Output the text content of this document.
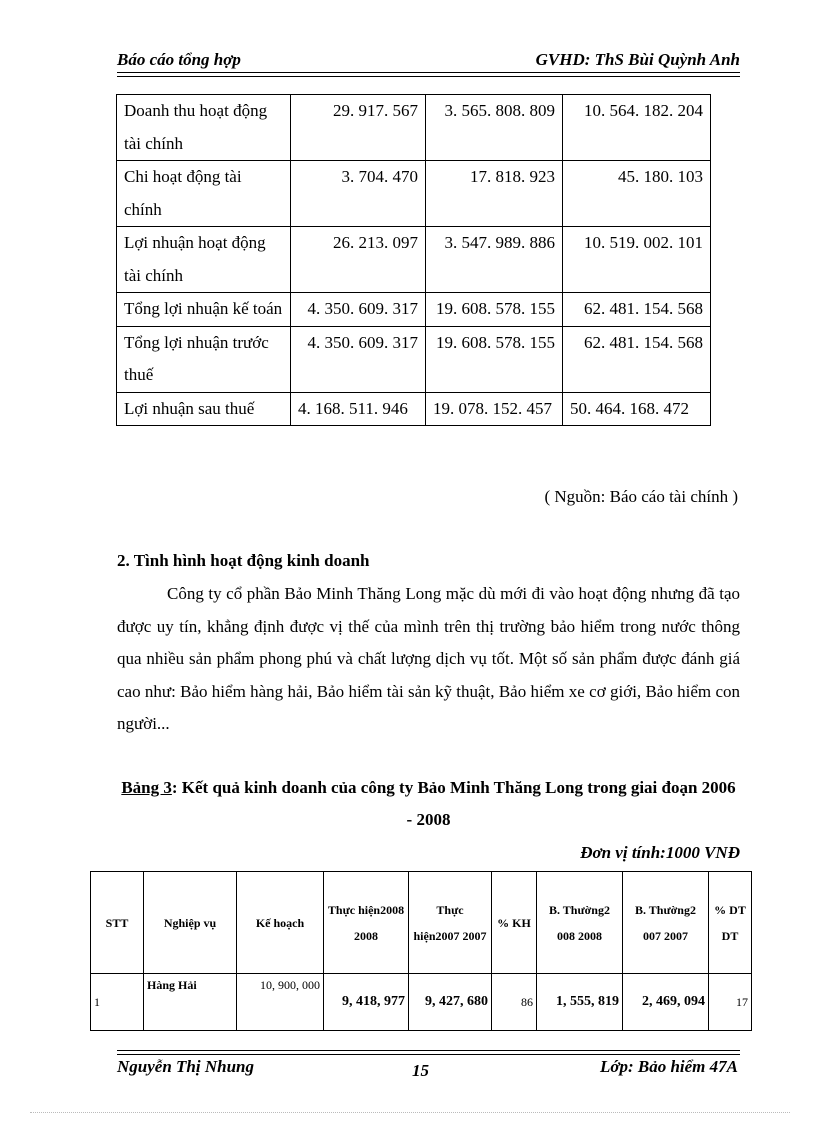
Báo cáo tổng hợp	GVHD: ThS Bùi Quỳnh Anh
Doanh thu hoạt động tài chính	29. 917. 567	3. 565. 808. 809	10. 564. 182. 204
Chi hoạt động tài chính	3. 704. 470	17. 818. 923	45. 180. 103
Lợi nhuận hoạt động tài chính	26. 213. 097	3. 547. 989. 886	10. 519. 002. 101
Tổng lợi nhuận kế toán	4. 350. 609. 317	19. 608. 578. 155	62. 481. 154. 568
Tổng lợi nhuận trước thuế	4. 350. 609. 317	19. 608. 578. 155	62. 481. 154. 568
Lợi nhuận sau thuế	4. 168. 511. 946	19. 078. 152. 457	50. 464. 168. 472
( Nguồn: Báo cáo tài chính )
2. Tình hình hoạt động kinh doanh

Công ty cổ phần Bảo Minh Thăng Long mặc dù mới đi vào hoạt động nhưng đã tạo được uy tín, khẳng định được vị thế của mình trên thị trường bảo hiểm trong nước thông qua nhiều sản phẩm phong phú và chất lượng dịch vụ tốt. Một số sản phẩm được đánh giá cao như: Bảo hiểm hàng hải, Bảo hiểm tài sản kỹ thuật, Bảo hiểm xe cơ giới, Bảo hiểm con người...

Bảng 3: Kết quả kinh doanh của công ty Bảo Minh Thăng Long trong giai đoạn 2006 - 2008
Đơn vị tính:1000 VNĐ
STT	Nghiệp vụ	Kế hoạch	Thực hiện2008 2008	Thực hiện2007 2007	% KH	B. Thường2 008 2008	B. Thường2 007 2007	% DT DT
1	Hàng Hải	10, 900, 000	9, 418, 977	9, 427, 680	86	1, 555, 819	2, 469, 094	17
Nguyễn Thị Nhung	15	Lớp: Bảo hiểm 47A
